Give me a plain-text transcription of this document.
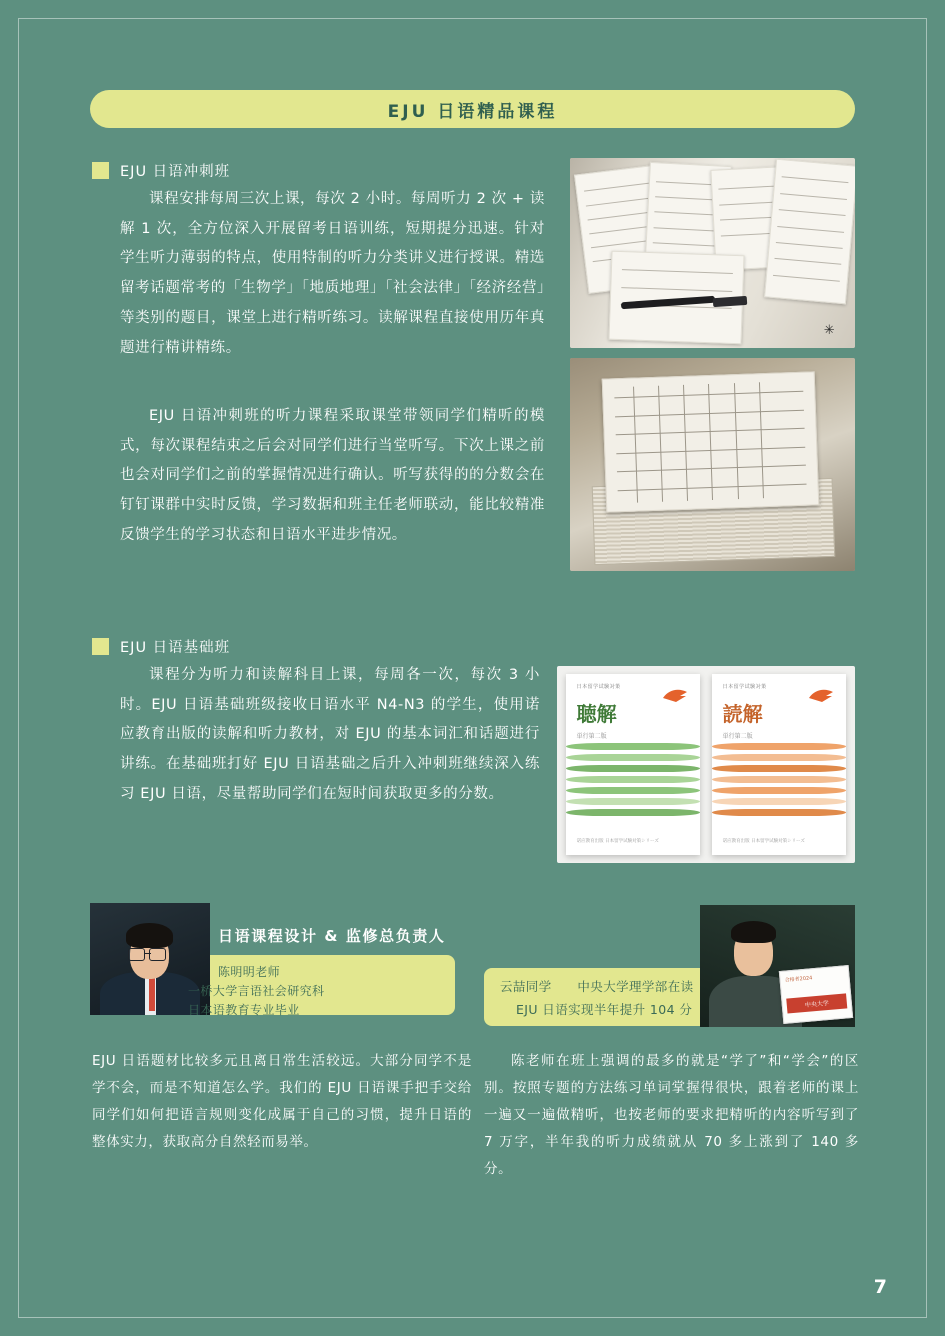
EJU 日语精品课程
EJU 日语冲刺班
课程安排每周三次上课，每次 2 小时。每周听力 2 次 + 读解 1 次，全方位深入开展留考日语训练，短期提分迅速。针对学生听力薄弱的特点，使用特制的听力分类讲义进行授课。精选留考话题常考的「生物学」「地质地理」「社会法律」「经济经营」等类别的题目，课堂上进行精听练习。读解课程直接使用历年真题进行精讲精练。
EJU 日语冲刺班的听力课程采取课堂带领同学们精听的模式，每次课程结束之后会对同学们进行当堂听写。下次上课之前也会对同学们之前的掌握情况进行确认。听写获得的的分数会在钉钉课群中实时反馈，学习数据和班主任老师联动，能比较精准反馈学生的学习状态和日语水平进步情况。
✳
EJU 日语基础班
课程分为听力和读解科目上课，每周各一次，每次 3 小时。EJU 日语基础班级接收日语水平 N4-N3 的学生，使用诺应教育出版的读解和听力教材，对 EJU 的基本词汇和话题进行讲练。在基础班打好 EJU 日语基础之后升入冲刺班继续深入练习 EJU 日语，尽量帮助同学们在短时间获取更多的分数。
日本留学试験対策
聴解
単行第二版
诺应教育出版 日本留学试験対策シリーズ
日本留学试験対策
読解
単行第二版
诺应教育出版 日本留学试験対策シリーズ
日语课程设计 & 监修总负责人
陈明明老师
一桥大学言语社会研究科
日本语教育专业毕业
EJU 日语题材比较多元且离日常生活较远。大部分同学不是学不会，而是不知道怎么学。我们的 EJU 日语课手把手交给同学们如何把语言规则变化成属于自己的习惯，提升日语的整体实力，获取高分自然轻而易举。
合格者2024
中央大学
云喆同学　　中央大学理学部在读
EJU 日语实现半年提升 104 分
陈老师在班上强调的最多的就是“学了”和“学会”的区别。按照专题的方法练习单词掌握得很快，跟着老师的课上一遍又一遍做精听，也按老师的要求把精听的内容听写到了 7 万字，半年我的听力成绩就从 70 多上涨到了 140 多分。
7
